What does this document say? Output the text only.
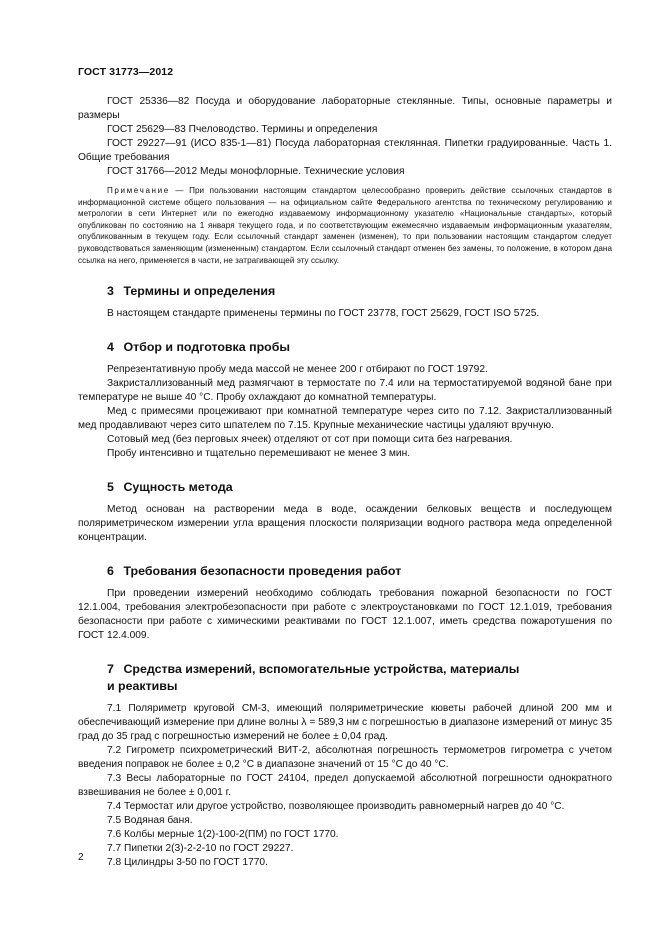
ГОСТ 31773—2012

ГОСТ 25336—82 Посуда и оборудование лабораторные стеклянные. Типы, основные параметры и размеры

ГОСТ 25629—83 Пчеловодство. Термины и определения

ГОСТ 29227—91 (ИСО 835-1—81) Посуда лабораторная стеклянная. Пипетки градуированные. Часть 1. Общие требования

ГОСТ 31766—2012 Меды монофлорные. Технические условия

Примечание — При пользовании настоящим стандартом целесообразно проверить действие ссылочных стандартов в информационной системе общего пользования — на официальном сайте Федерального агентства по техническому регулированию и метрологии в сети Интернет или по ежегодно издаваемому информационному указателю «Национальные стандарты», который опубликован по состоянию на 1 января текущего года, и по соответствующим ежемесячно издаваемым информационным указателям, опубликованным в текущем году. Если ссылочный стандарт заменен (изменен), то при пользовании настоящим стандартом следует руководствоваться заменяющим (измененным) стандартом. Если ссылочный стандарт отменен без замены, то положение, в котором дана ссылка на него, применяется в части, не затрагивающей эту ссылку.

3 Термины и определения

В настоящем стандарте применены термины по ГОСТ 23778, ГОСТ 25629, ГОСТ ISO 5725.

4 Отбор и подготовка пробы

Репрезентативную пробу меда массой не менее 200 г отбирают по ГОСТ 19792.

Закристаллизованный мед размягчают в термостате по 7.4 или на термостатируемой водяной бане при температуре не выше 40 °С. Пробу охлаждают до комнатной температуры.

Мед с примесями процеживают при комнатной температуре через сито по 7.12. Закристаллизованный мед продавливают через сито шпателем по 7.15. Крупные механические частицы удаляют вручную.

Сотовый мед (без перговых ячеек) отделяют от сот при помощи сита без нагревания.

Пробу интенсивно и тщательно перемешивают не менее 3 мин.

5 Сущность метода

Метод основан на растворении меда в воде, осаждении белковых веществ и последующем поляриметрическом измерении угла вращения плоскости поляризации водного раствора меда определенной концентрации.

6 Требования безопасности проведения работ

При проведении измерений необходимо соблюдать требования пожарной безопасности по ГОСТ 12.1.004, требования электробезопасности при работе с электроустановками по ГОСТ 12.1.019, требования безопасности при работе с химическими реактивами по ГОСТ 12.1.007, иметь средства пожаротушения по ГОСТ 12.4.009.

7 Средства измерений, вспомогательные устройства, материалы
и реактивы

7.1 Поляриметр круговой СМ-3, имеющий поляриметрические кюветы рабочей длиной 200 мм и обеспечивающий измерение при длине волны λ = 589,3 нм с погрешностью в диапазоне измерений от минус 35 град до 35 град с погрешностью измерений не более ± 0,04 град.

7.2 Гигрометр психрометрический ВИТ-2, абсолютная погрешность термометров гигрометра с учетом введения поправок не более ± 0,2 °С в диапазоне значений от 15 °С до 40 °С.

7.3 Весы лабораторные по ГОСТ 24104, предел допускаемой абсолютной погрешности однократного взвешивания не более ± 0,001 г.

7.4 Термостат или другое устройство, позволяющее производить равномерный нагрев до 40 °С.

7.5 Водяная баня.

7.6 Колбы мерные 1(2)-100-2(ПМ) по ГОСТ 1770.

7.7 Пипетки 2(3)-2-2-10 по ГОСТ 29227.

7.8 Цилиндры 3-50 по ГОСТ 1770.

2
